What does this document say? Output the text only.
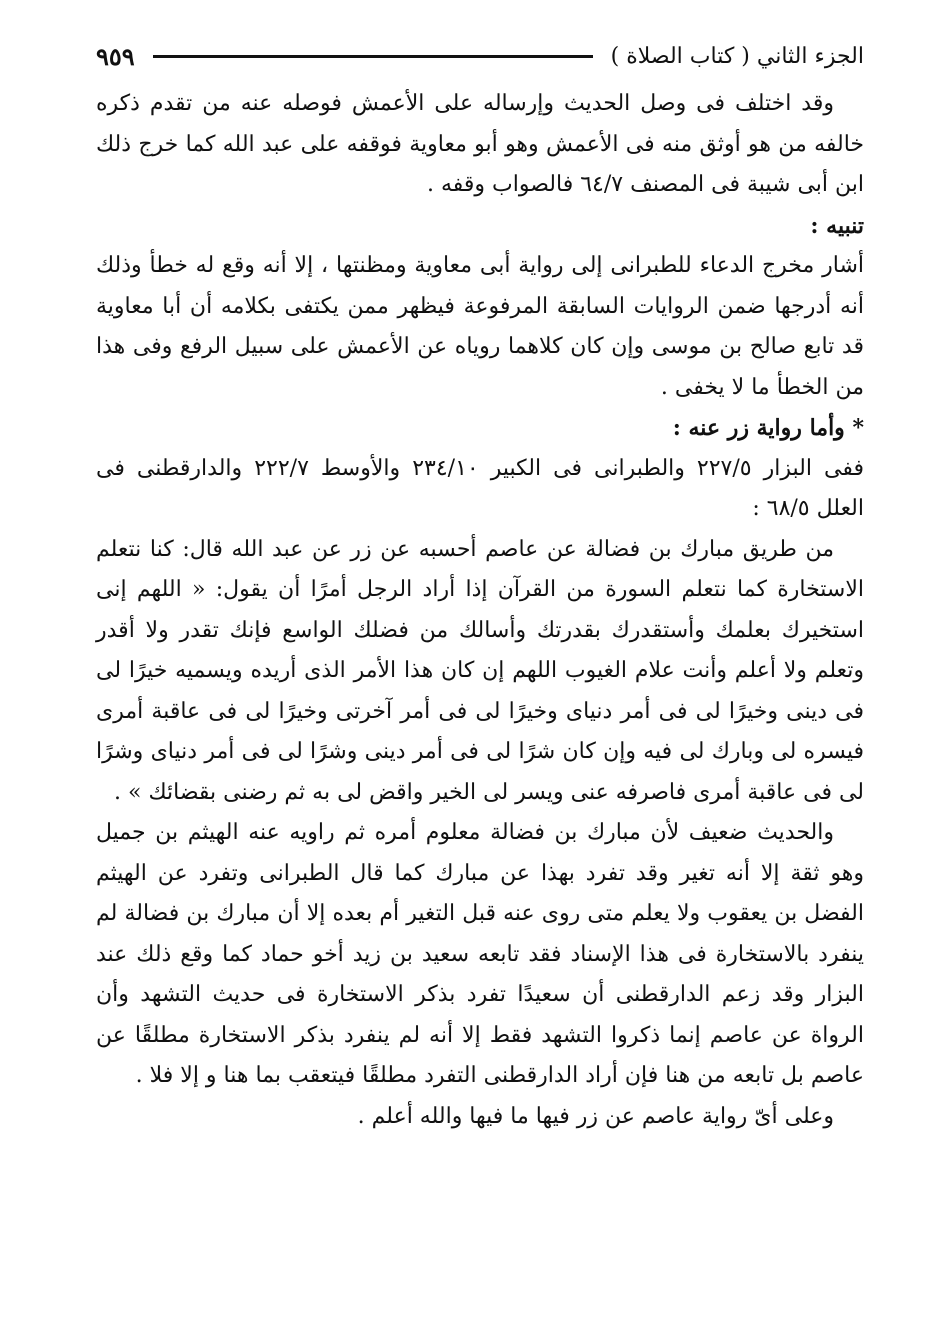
٩٥٩	الجزء الثاني ( كتاب الصلاة )

وقد اختلف فى وصل الحديث وإرساله على الأعمش فوصله عنه من تقدم ذكره خالفه من هو أوثق منه فى الأعمش وهو أبو معاوية فوقفه على عبد الله كما خرج ذلك ابن أبى شيبة فى المصنف ٦٤/٧ فالصواب وقفه .

تنبيه :

أشار مخرج الدعاء للطبرانى إلى رواية أبى معاوية ومظنتها ، إلا أنه وقع له خطأ وذلك أنه أدرجها ضمن الروايات السابقة المرفوعة فيظهر ممن يكتفى بكلامه أن أبا معاوية قد تابع صالح بن موسى وإن كان كلاهما روياه عن الأعمش على سبيل الرفع وفى هذا من الخطأ ما لا يخفى .

* وأما رواية زر عنه :

ففى البزار ٢٢٧/٥ والطبرانى فى الكبير ٢٣٤/١٠ والأوسط ٢٢٢/٧ والدارقطنى فى العلل ٦٨/٥ :

من طريق مبارك بن فضالة عن عاصم أحسبه عن زر عن عبد الله قال: كنا نتعلم الاستخارة كما نتعلم السورة من القرآن إذا أراد الرجل أمرًا أن يقول: « اللهم إنى استخيرك بعلمك وأستقدرك بقدرتك وأسالك من فضلك الواسع فإنك تقدر ولا أقدر وتعلم ولا أعلم وأنت علام الغيوب اللهم إن كان هذا الأمر الذى أريده ويسميه خيرًا لى فى دينى وخيرًا لى فى أمر دنياى وخيرًا لى فى أمر آخرتى وخيرًا لى فى عاقبة أمرى فيسره لى وبارك لى فيه وإن كان شرًا لى فى أمر دينى وشرًا لى فى أمر دنياى وشرًا لى فى عاقبة أمرى فاصرفه عنى ويسر لى الخير واقض لى به ثم رضنى بقضائك » .

والحديث ضعيف لأن مبارك بن فضالة معلوم أمره ثم راويه عنه الهيثم بن جميل وهو ثقة إلا أنه تغير وقد تفرد بهذا عن مبارك كما قال الطبرانى وتفرد عن الهيثم الفضل بن يعقوب ولا يعلم متى روى عنه قبل التغير أم بعده إلا أن مبارك بن فضالة لم ينفرد بالاستخارة فى هذا الإسناد فقد تابعه سعيد بن زيد أخو حماد كما وقع ذلك عند البزار وقد زعم الدارقطنى أن سعيدًا تفرد بذكر الاستخارة فى حديث التشهد وأن الرواة عن عاصم إنما ذكروا التشهد فقط إلا أنه لم ينفرد بذكر الاستخارة مطلقًا عن عاصم بل تابعه من هنا فإن أراد الدارقطنى التفرد مطلقًا فيتعقب بما هنا و إلا فلا .

وعلى أىّ رواية عاصم عن زر فيها ما فيها والله أعلم .
